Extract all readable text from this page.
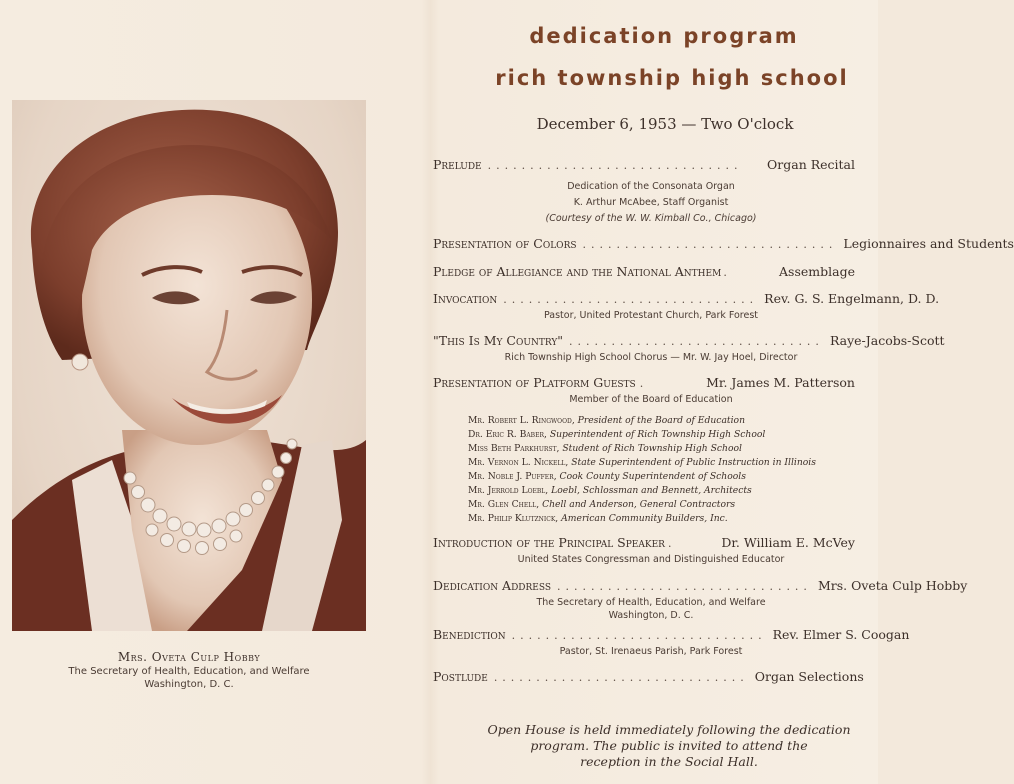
Mrs. Oveta Culp Hobby
The Secretary of Health, Education, and Welfare
Washington, D. C.
dedication program
rich township high school
December 6, 1953 — Two O'clock
Prelude ..............................	Organ Recital
Dedication of the Consonata Organ
K. Arthur McAbee, Staff Organist
(Courtesy of the W. W. Kimball Co., Chicago)
Presentation of Colors .............................. Legionnaires and Students
Pledge of Allegiance and the National Anthem .	Assemblage
Invocation .............................. Rev. G. S. Engelmann, D. D.
Pastor, United Protestant Church, Park Forest
"This Is My Country" .............................. Raye-Jacobs-Scott
Rich Township High School Chorus — Mr. W. Jay Hoel, Director
Presentation of Platform Guests .	Mr. James M. Patterson
Member of the Board of Education
Mr. Robert L. Ringwood, President of the Board of Education
Dr. Eric R. Baber, Superintendent of Rich Township High School
Miss Beth Parkhurst, Student of Rich Township High School
Mr. Vernon L. Nickell, State Superintendent of Public Instruction in Illinois
Mr. Noble J. Puffer, Cook County Superintendent of Schools
Mr. Jerrold Loebl, Loebl, Schlossman and Bennett, Architects
Mr. Glen Chell, Chell and Anderson, General Contractors
Mr. Philip Klutznick, American Community Builders, Inc.
Introduction of the Principal Speaker .	Dr. William E. McVey
United States Congressman and Distinguished Educator
Dedication Address .............................. Mrs. Oveta Culp Hobby
The Secretary of Health, Education, and Welfare
Washington, D. C.
Benediction .............................. Rev. Elmer S. Coogan
Pastor, St. Irenaeus Parish, Park Forest
Postlude .............................. Organ Selections
Open House is held immediately following the dedication
program. The public is invited to attend the
reception in the Social Hall.
